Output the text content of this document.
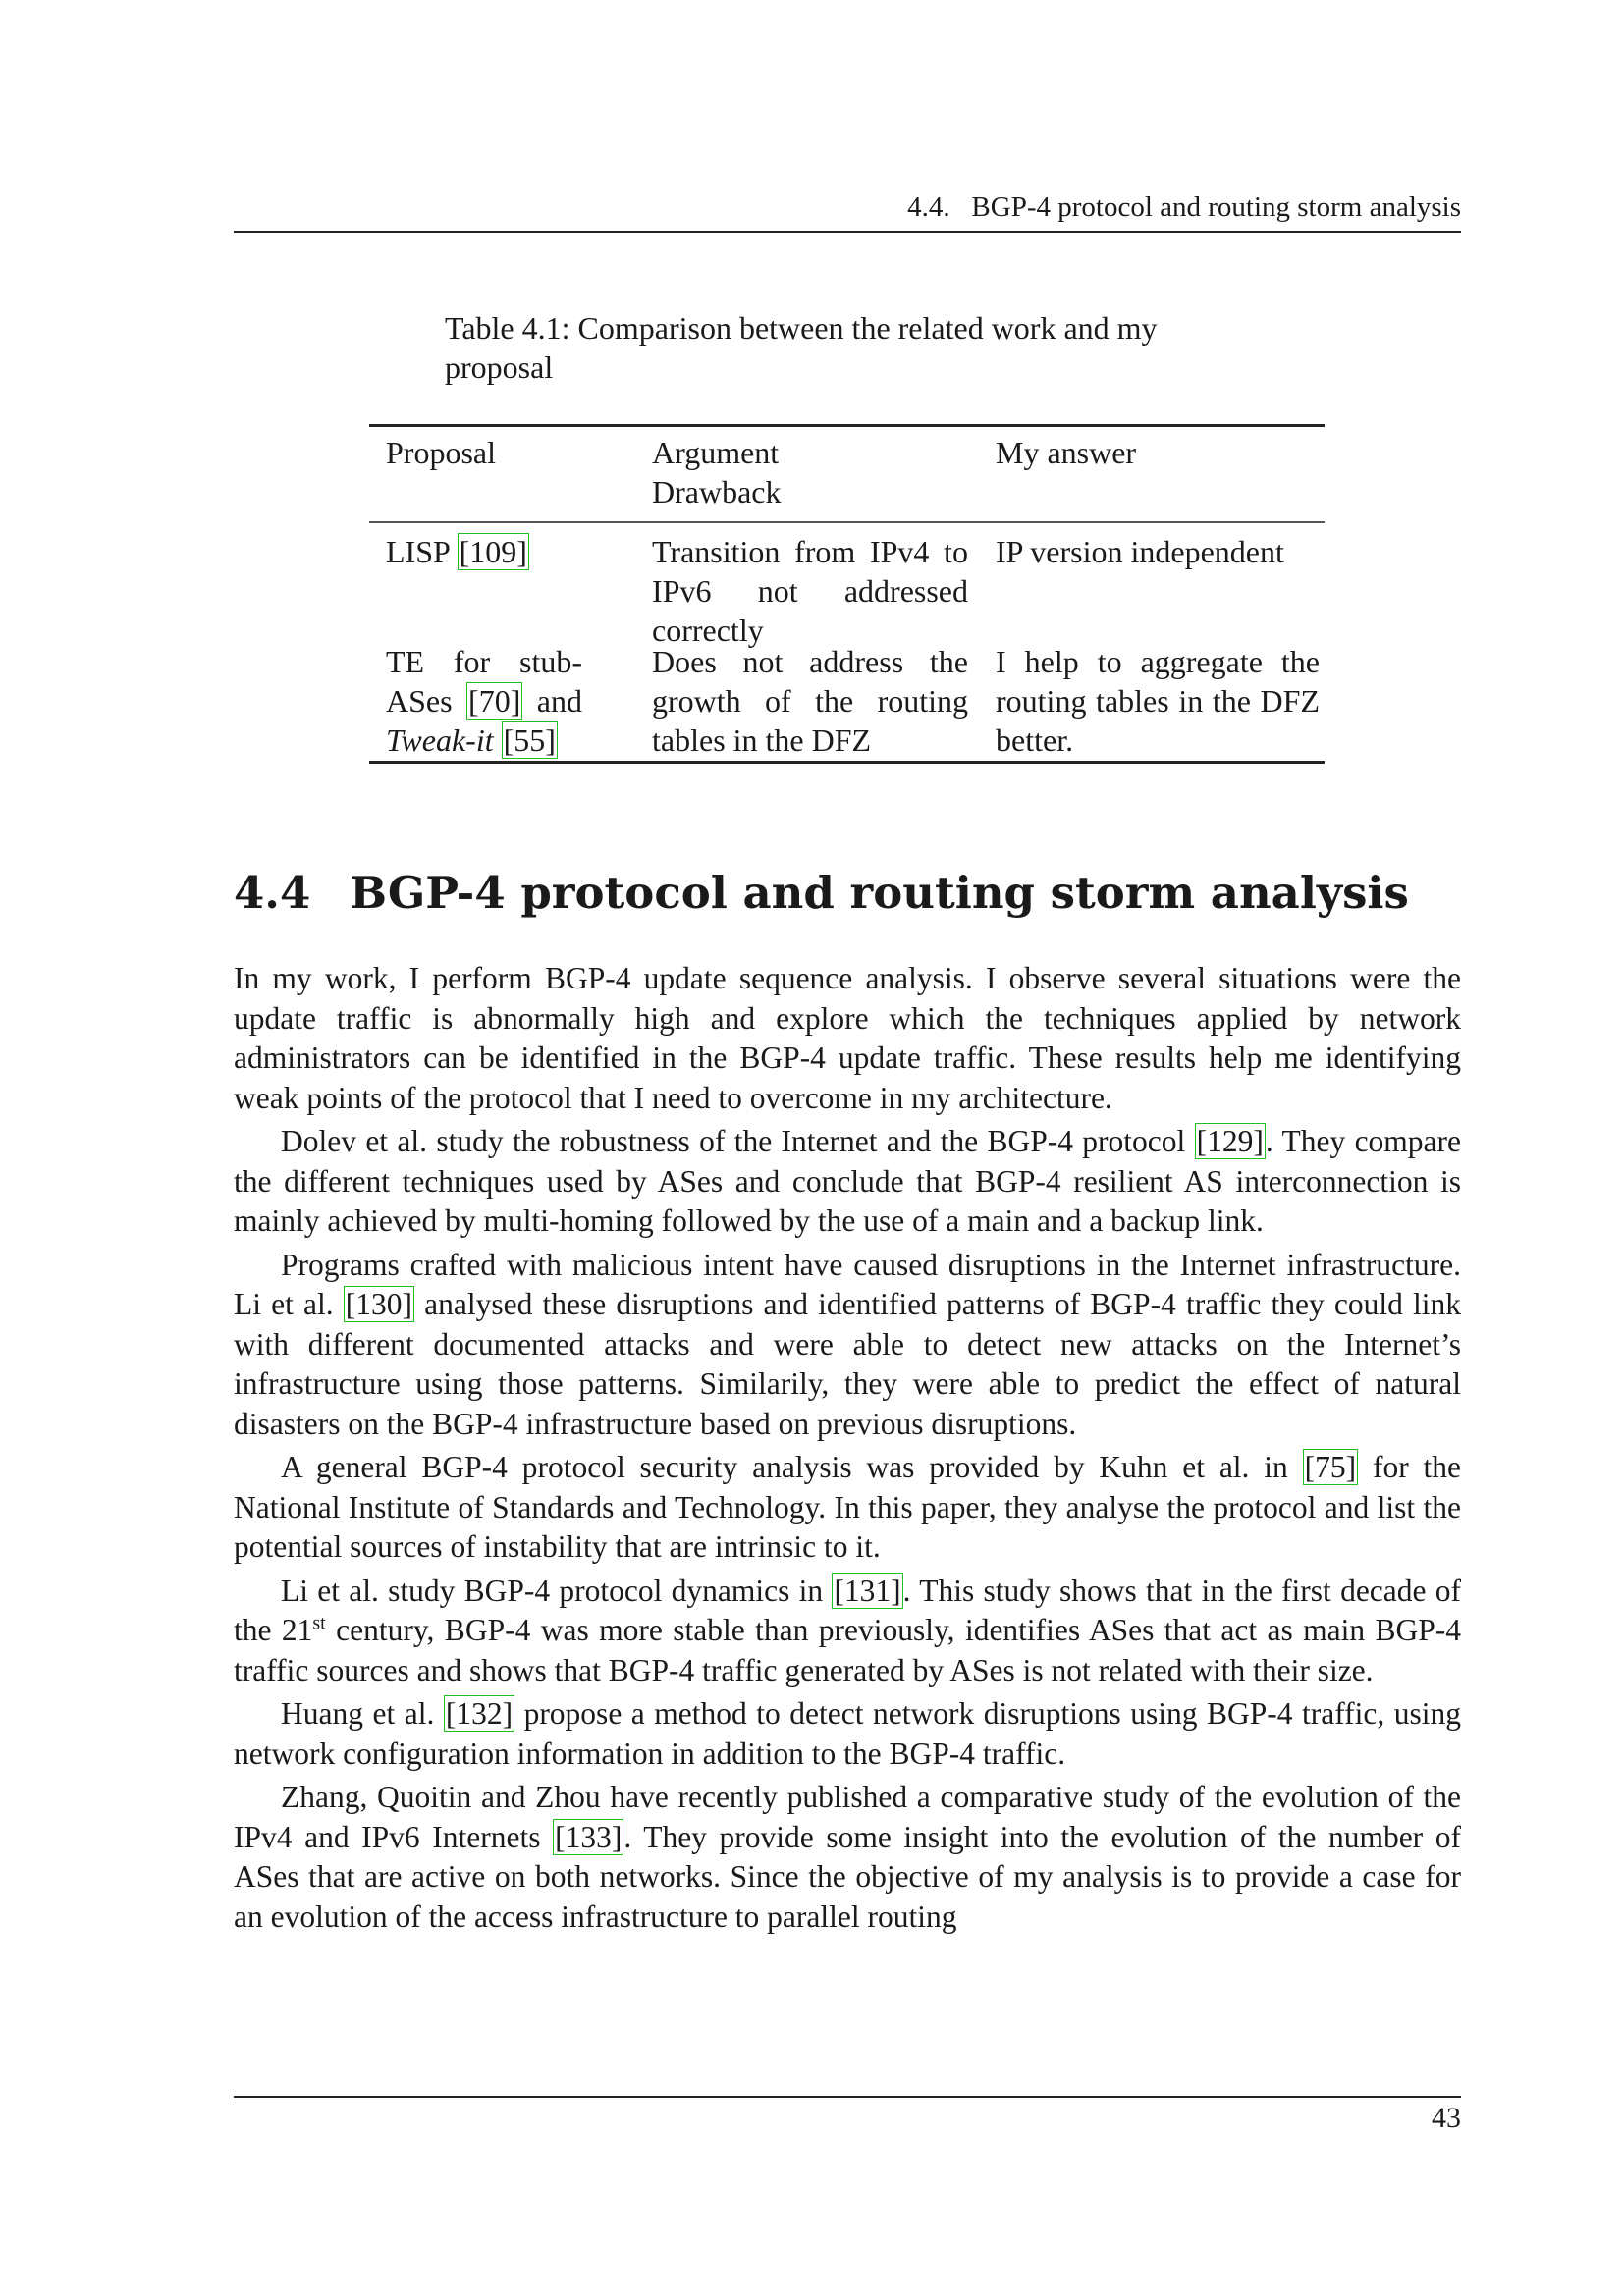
4.4.   BGP-4 protocol and routing storm analysis
Table 4.1: Comparison between the related work and my proposal
Proposal	Argument
Drawback
My answer
LISP [109]	Transition from IPv4 to IPv6 not addressed correctly
IP version independent
TE for stub-ASes [70] and Tweak-it [55]
Does not address the growth of the routing tables in the DFZ
I help to aggregate the routing tables in the DFZ better.
4.4 BGP-4 protocol and routing storm analysis

In my work, I perform BGP-4 update sequence analysis. I observe several situations were the update traffic is abnormally high and explore which the techniques applied by network administrators can be identified in the BGP-4 update traffic. These results help me identifying weak points of the protocol that I need to overcome in my architecture.

Dolev et al. study the robustness of the Internet and the BGP-4 protocol [129]. They compare the different techniques used by ASes and conclude that BGP-4 resilient AS interconnection is mainly achieved by multi-homing followed by the use of a main and a backup link.

Programs crafted with malicious intent have caused disruptions in the Internet infrastructure. Li et al. [130] analysed these disruptions and identified patterns of BGP-4 traffic they could link with different documented attacks and were able to detect new attacks on the Internet’s infrastructure using those patterns. Similarily, they were able to predict the effect of natural disasters on the BGP-4 infrastructure based on previous disruptions.

A general BGP-4 protocol security analysis was provided by Kuhn et al. in [75] for the National Institute of Standards and Technology. In this paper, they analyse the protocol and list the potential sources of instability that are intrinsic to it.

Li et al. study BGP-4 protocol dynamics in [131]. This study shows that in the first decade of the 21st century, BGP-4 was more stable than previously, identifies ASes that act as main BGP-4 traffic sources and shows that BGP-4 traffic generated by ASes is not related with their size.

Huang et al. [132] propose a method to detect network disruptions using BGP-4 traffic, using network configuration information in addition to the BGP-4 traffic.

Zhang, Quoitin and Zhou have recently published a comparative study of the evolution of the IPv4 and IPv6 Internets [133]. They provide some insight into the evolution of the number of ASes that are active on both networks. Since the objective of my analysis is to provide a case for an evolution of the access infrastructure to parallel routing

43
